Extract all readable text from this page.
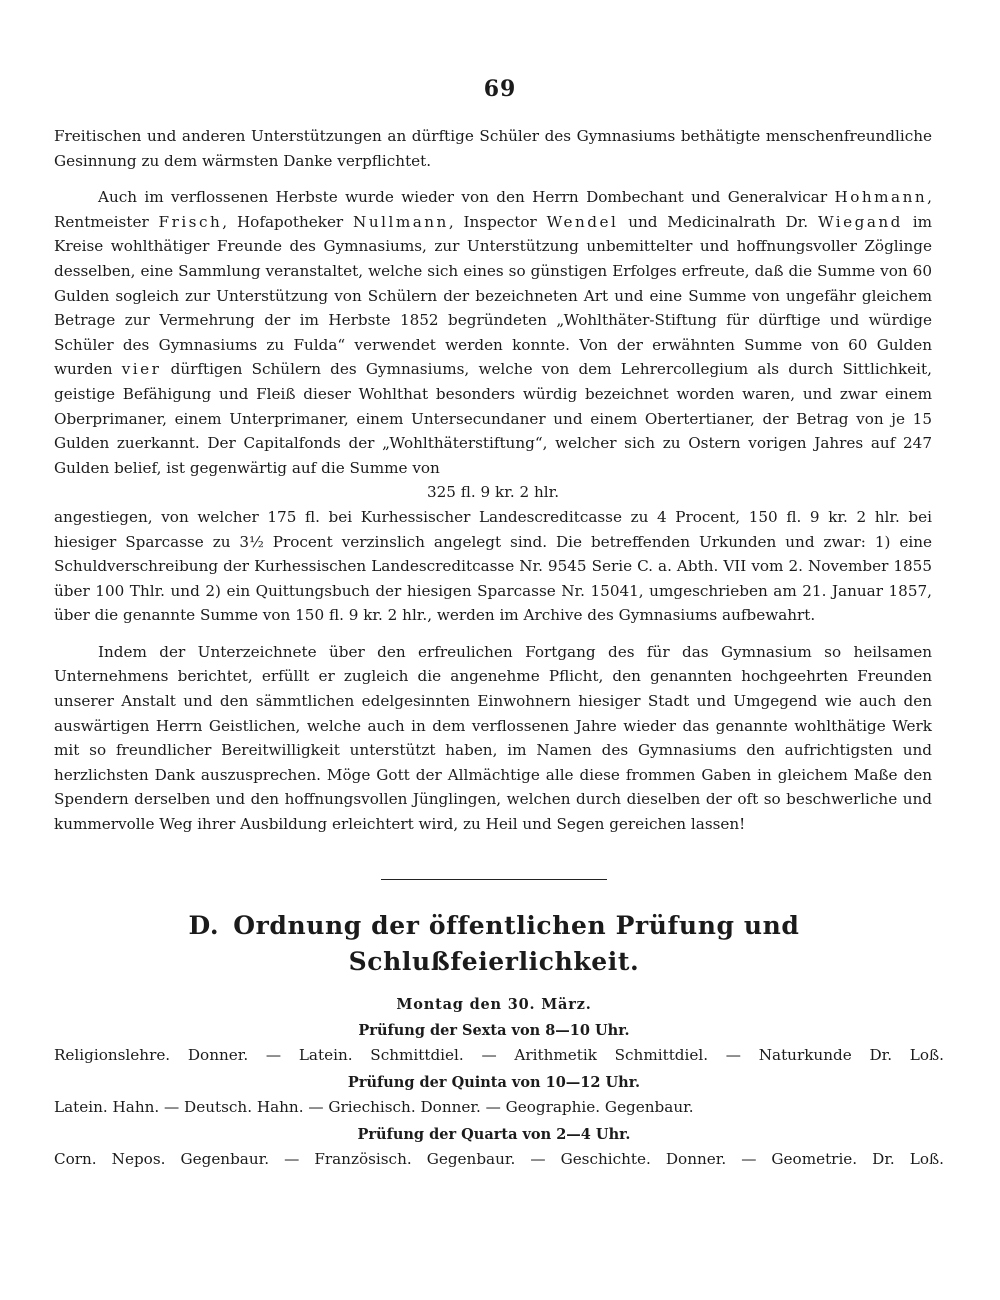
69

Freitischen und anderen Unterstützungen an dürftige Schüler des Gymnasiums bethätigte menschenfreundliche Gesinnung zu dem wärmsten Danke verpflichtet.

Auch im verflossenen Herbste wurde wieder von den Herrn Dombechant und Generalvicar Hohmann, Rentmeister Frisch, Hofapotheker Nullmann, Inspector Wendel und Medicinalrath Dr. Wiegand im Kreise wohlthätiger Freunde des Gymnasiums, zur Unterstützung unbemittelter und hoffnungsvoller Zöglinge desselben, eine Sammlung veranstaltet, welche sich eines so günstigen Erfolges erfreute, daß die Summe von 60 Gulden sogleich zur Unterstützung von Schülern der bezeichneten Art und eine Summe von ungefähr gleichem Betrage zur Vermehrung der im Herbste 1852 begründeten „Wohlthäter-Stiftung für dürftige und würdige Schüler des Gymnasiums zu Fulda“ verwendet werden konnte. Von der erwähnten Summe von 60 Gulden wurden vier dürftigen Schülern des Gymnasiums, welche von dem Lehrercollegium als durch Sittlichkeit, geistige Befähigung und Fleiß dieser Wohlthat besonders würdig bezeichnet worden waren, und zwar einem Oberprimaner, einem Unterprimaner, einem Untersecundaner und einem Obertertianer, der Betrag von je 15 Gulden zuerkannt. Der Capitalfonds der „Wohlthäterstiftung“, welcher sich zu Ostern vorigen Jahres auf 247 Gulden belief, ist gegenwärtig auf die Summe von

325 fl. 9 kr. 2 hlr.

angestiegen, von welcher 175 fl. bei Kurhessischer Landescreditcasse zu 4 Procent, 150 fl. 9 kr. 2 hlr. bei hiesiger Sparcasse zu 3½ Procent verzinslich angelegt sind. Die betreffenden Urkunden und zwar: 1) eine Schuldverschreibung der Kurhessischen Landescreditcasse Nr. 9545 Serie C. a. Abth. VII vom 2. November 1855 über 100 Thlr. und 2) ein Quittungsbuch der hiesigen Sparcasse Nr. 15041, umgeschrieben am 21. Januar 1857, über die genannte Summe von 150 fl. 9 kr. 2 hlr., werden im Archive des Gymnasiums aufbewahrt.

Indem der Unterzeichnete über den erfreulichen Fortgang des für das Gymnasium so heilsamen Unternehmens berichtet, erfüllt er zugleich die angenehme Pflicht, den genannten hochgeehrten Freunden unserer Anstalt und den sämmtlichen edelgesinnten Einwohnern hiesiger Stadt und Umgegend wie auch den auswärtigen Herrn Geistlichen, welche auch in dem verflossenen Jahre wieder das genannte wohlthätige Werk mit so freundlicher Bereitwilligkeit unterstützt haben, im Namen des Gymnasiums den aufrichtigsten und herzlichsten Dank auszusprechen. Möge Gott der Allmächtige alle diese frommen Gaben in gleichem Maße den Spendern derselben und den hoffnungsvollen Jünglingen, welchen durch dieselben der oft so beschwerliche und kummervolle Weg ihrer Ausbildung erleichtert wird, zu Heil und Segen gereichen lassen!

D. Ordnung der öffentlichen Prüfung und Schlußfeierlichkeit.

Montag den 30. März.

Prüfung der Sexta von 8—10 Uhr.

Religionslehre. Donner. — Latein. Schmittdiel. — Arithmetik Schmittdiel. — Naturkunde Dr. Loß.

Prüfung der Quinta von 10—12 Uhr.

Latein. Hahn. — Deutsch. Hahn. — Griechisch. Donner. — Geographie. Gegenbaur.

Prüfung der Quarta von 2—4 Uhr.

Corn. Nepos. Gegenbaur. — Französisch. Gegenbaur. — Geschichte. Donner. — Geometrie. Dr. Loß.
